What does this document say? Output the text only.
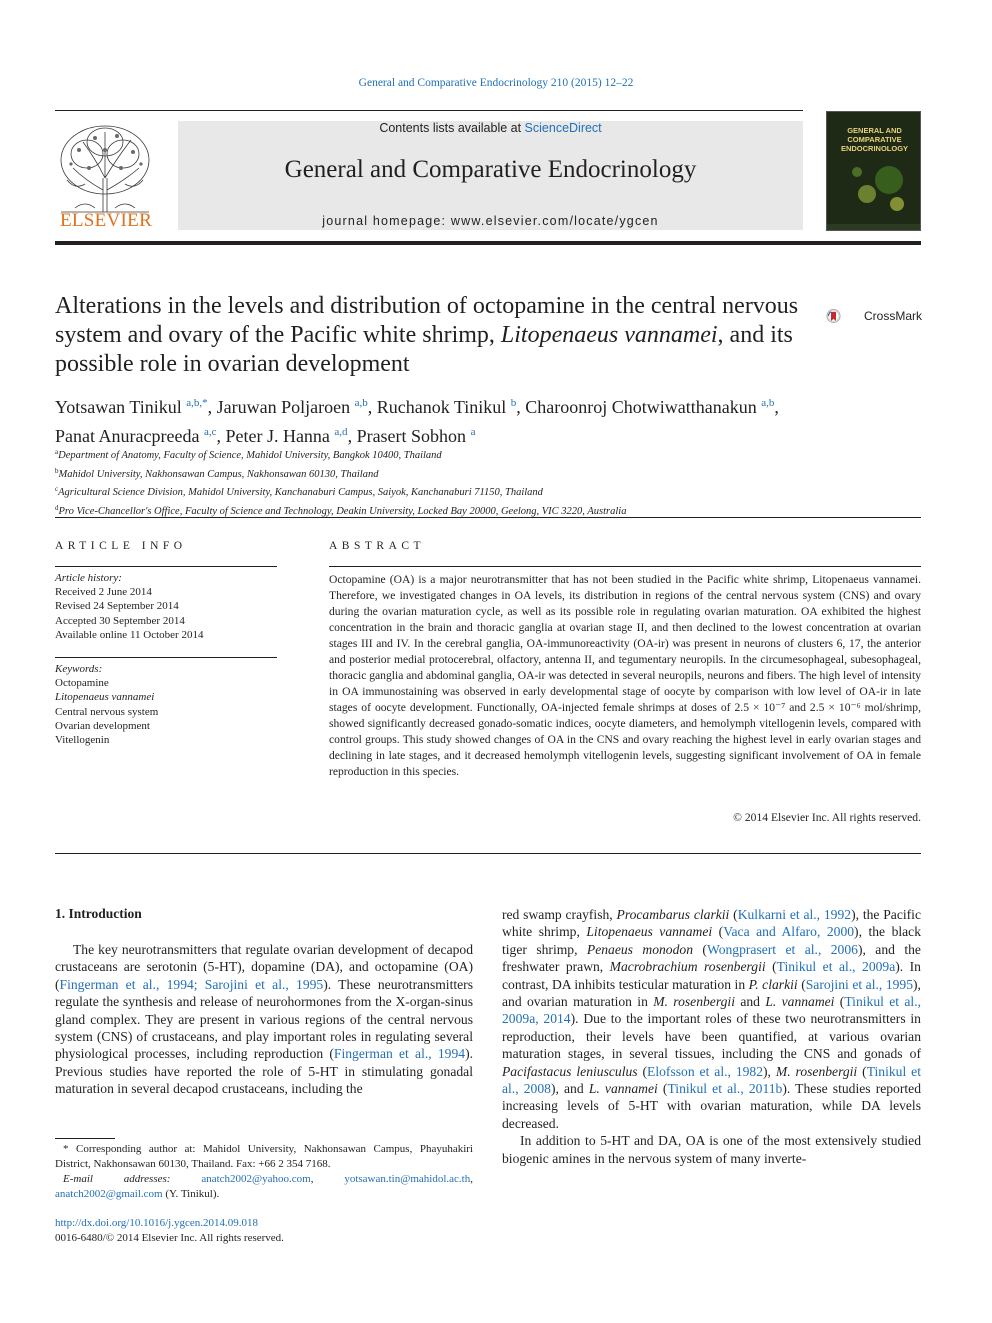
General and Comparative Endocrinology 210 (2015) 12–22
ELSEVIER
Contents lists available at ScienceDirect
General and Comparative Endocrinology
journal homepage: www.elsevier.com/locate/ygcen
GENERAL AND COMPARATIVE ENDOCRINOLOGY
Alterations in the levels and distribution of octopamine in the central nervous system and ovary of the Pacific white shrimp, Litopenaeus vannamei, and its possible role in ovarian development
CrossMark
Yotsawan Tinikul $^{a,b,*}$, Jaruwan Poljaroen $^{a,b}$, Ruchanok Tinikul $^b$, Charoonroj Chotwiwatthanakun $^{a,b}$,
Panat Anuracpreeda $^{a,c}$, Peter J. Hanna $^{a,d}$, Prasert Sobhon $^a$
$^a$Department of Anatomy, Faculty of Science, Mahidol University, Bangkok 10400, Thailand
$^b$Mahidol University, Nakhonsawan Campus, Nakhonsawan 60130, Thailand
$^c$Agricultural Science Division, Mahidol University, Kanchanaburi Campus, Saiyok, Kanchanaburi 71150, Thailand
$^d$Pro Vice-Chancellor's Office, Faculty of Science and Technology, Deakin University, Locked Bay 20000, Geelong, VIC 3220, Australia
ARTICLE INFO
Article history:
Received 2 June 2014
Revised 24 September 2014
Accepted 30 September 2014
Available online 11 October 2014
Keywords:
Octopamine
Litopenaeus vannamei
Central nervous system
Ovarian development
Vitellogenin
ABSTRACT
Octopamine (OA) is a major neurotransmitter that has not been studied in the Pacific white shrimp, Litopenaeus vannamei. Therefore, we investigated changes in OA levels, its distribution in regions of the central nervous system (CNS) and ovary during the ovarian maturation cycle, as well as its possible role in regulating ovarian maturation. OA exhibited the highest concentration in the brain and thoracic ganglia at ovarian stage II, and then declined to the lowest concentration at ovarian stages III and IV. In the cerebral ganglia, OA-immunoreactivity (OA-ir) was present in neurons of clusters 6, 17, the anterior and posterior medial protocerebral, olfactory, antenna II, and tegumentary neuropils. In the circumesophageal, subesophageal, thoracic ganglia and abdominal ganglia, OA-ir was detected in several neuropils, neurons and fibers. The high level of intensity in OA immunostaining was observed in early developmental stage of oocyte by comparison with low level of OA-ir in late stages of oocyte development. Functionally, OA-injected female shrimps at doses of 2.5 × 10⁻⁷ and 2.5 × 10⁻⁶ mol/shrimp, showed significantly decreased gonado-somatic indices, oocyte diameters, and hemolymph vitellogenin levels, compared with control groups. This study showed changes of OA in the CNS and ovary reaching the highest level in early ovarian stages and declining in late stages, and it decreased hemolymph vitellogenin levels, suggesting significant involvement of OA in female reproduction in this species.
© 2014 Elsevier Inc. All rights reserved.
1. Introduction

The key neurotransmitters that regulate ovarian development of decapod crustaceans are serotonin (5-HT), dopamine (DA), and octopamine (OA) (Fingerman et al., 1994; Sarojini et al., 1995). These neurotransmitters regulate the synthesis and release of neurohormones from the X-organ-sinus gland complex. They are present in various regions of the central nervous system (CNS) of crustaceans, and play important roles in regulating several physiological processes, including reproduction (Fingerman et al., 1994). Previous studies have reported the role of 5-HT in stimulating gonadal maturation in several decapod crustaceans, including the

red swamp crayfish, Procambarus clarkii (Kulkarni et al., 1992), the Pacific white shrimp, Litopenaeus vannamei (Vaca and Alfaro, 2000), the black tiger shrimp, Penaeus monodon (Wongprasert et al., 2006), and the freshwater prawn, Macrobrachium rosenbergii (Tinikul et al., 2009a). In contrast, DA inhibits testicular maturation in P. clarkii (Sarojini et al., 1995), and ovarian maturation in M. rosenbergii and L. vannamei (Tinikul et al., 2009a, 2014). Due to the important roles of these two neurotransmitters in reproduction, their levels have been quantified, at various ovarian maturation stages, in several tissues, including the CNS and gonads of Pacifastacus leniusculus (Elofsson et al., 1982), M. rosenbergii (Tinikul et al., 2008), and L. vannamei (Tinikul et al., 2011b). These studies reported increasing levels of 5-HT with ovarian maturation, while DA levels decreased.

In addition to 5-HT and DA, OA is one of the most extensively studied biogenic amines in the nervous system of many inverte-

* Corresponding author at: Mahidol University, Nakhonsawan Campus, Phayuhakiri District, Nakhonsawan 60130, Thailand. Fax: +66 2 354 7168.
E-mail addresses:	anatch2002@yahoo.com, yotsawan.tin@mahidol.ac.th, anatch2002@gmail.com (Y. Tinikul).
http://dx.doi.org/10.1016/j.ygcen.2014.09.018
0016-6480/© 2014 Elsevier Inc. All rights reserved.
